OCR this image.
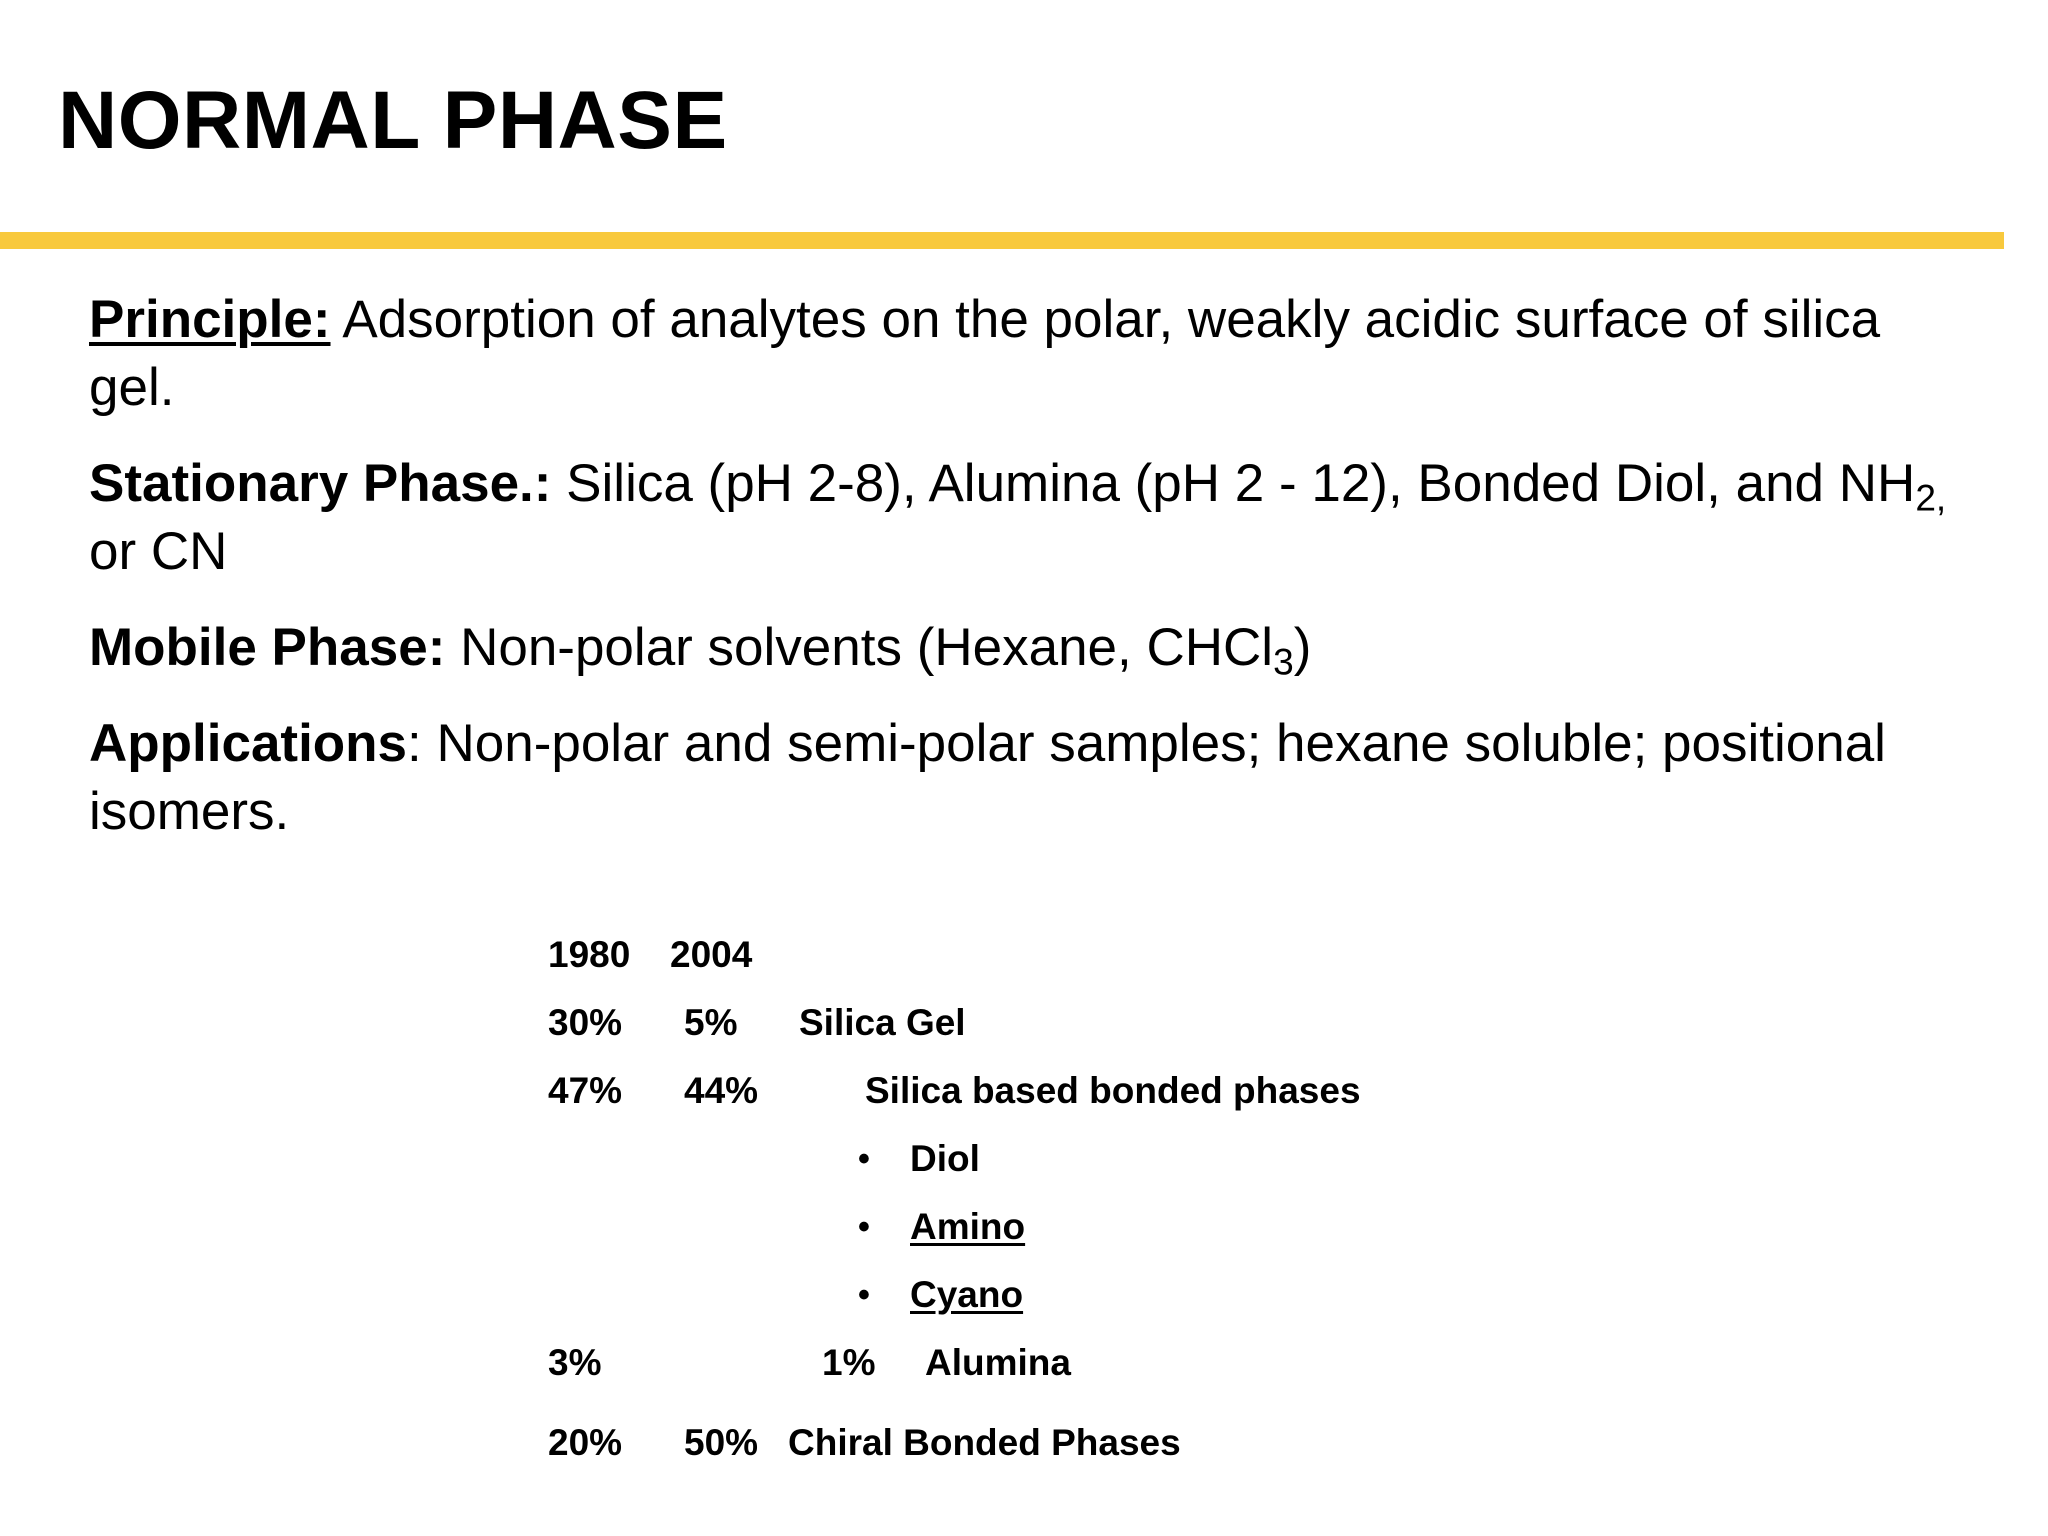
NORMAL PHASE

Principle: Adsorption of analytes on the polar, weakly acidic surface of silica gel.

Stationary Phase.: Silica (pH 2-8), Alumina (pH 2 - 12), Bonded Diol, and $NH_{2,}$ or CN

Mobile Phase: Non-polar solvents (Hexane, CHCl$_3$)

Applications: Non-polar and semi-polar samples; hexane soluble; positional isomers.

1980 2004
30% 5% Silica Gel
47% 44%	Silica based bonded phases
• Diol
• Amino
• Cyano
3%	1% Alumina
20% 50% Chiral Bonded Phases
